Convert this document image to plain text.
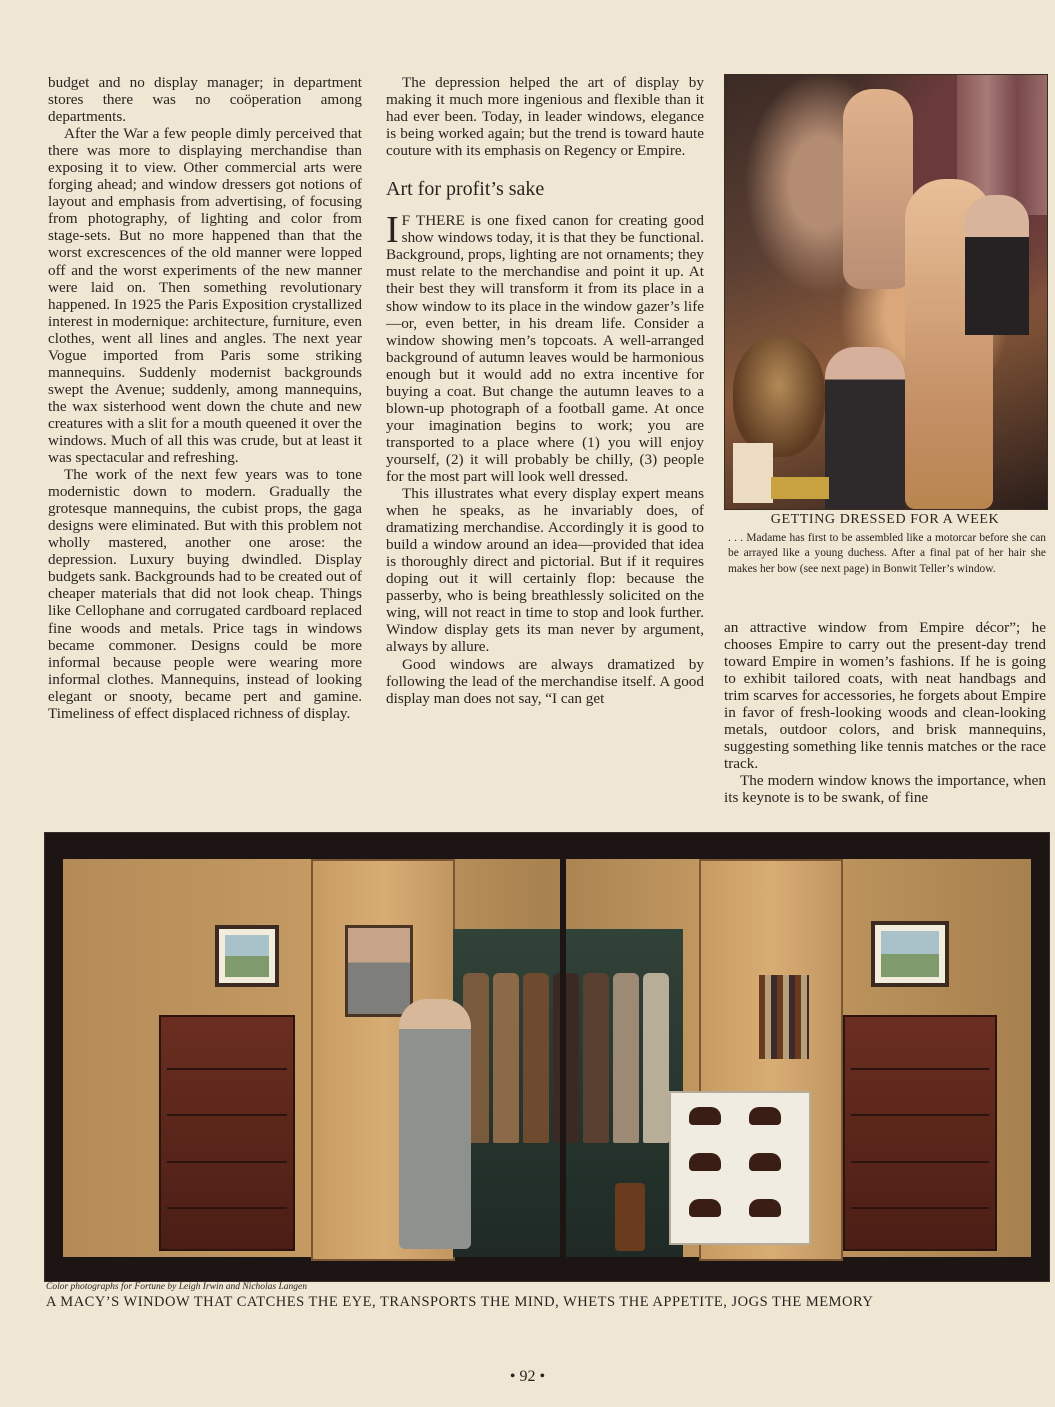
budget and no display manager; in department stores there was no coöperation among departments.

After the War a few people dimly perceived that there was more to displaying merchandise than exposing it to view. Other commercial arts were forging ahead; and window dressers got notions of layout and emphasis from advertising, of focusing from photography, of lighting and color from stage-sets. But no more happened than that the worst excrescences of the old manner were lopped off and the worst experiments of the new manner were laid on. Then something revolutionary happened. In 1925 the Paris Exposition crystallized interest in modernique: architecture, furniture, even clothes, went all lines and angles. The next year Vogue imported from Paris some striking mannequins. Suddenly modernist backgrounds swept the Avenue; suddenly, among mannequins, the wax sisterhood went down the chute and new creatures with a slit for a mouth queened it over the windows. Much of all this was crude, but at least it was spectacular and refreshing.

The work of the next few years was to tone modernistic down to modern. Gradually the grotesque mannequins, the cubist props, the gaga designs were eliminated. But with this problem not wholly mastered, another one arose: the depression. Luxury buying dwindled. Display budgets sank. Backgrounds had to be created out of cheaper materials that did not look cheap. Things like Cellophane and corrugated cardboard replaced fine woods and metals. Price tags in windows became commoner. Designs could be more informal because people were wearing more informal clothes. Mannequins, instead of looking elegant or snooty, became pert and gamine. Timeliness of effect displaced richness of display.

The depression helped the art of display by making it much more ingenious and flexible than it had ever been. Today, in leader windows, elegance is being worked again; but the trend is toward haute couture with its emphasis on Regency or Empire.

Art for profit’s sake

I F THERE is one fixed canon for creating good show windows today, it is that they be functional. Background, props, lighting are not ornaments; they must relate to the merchandise and point it up. At their best they will transform it from its place in a show window to its place in the window gazer’s life—or, even better, in his dream life. Consider a window showing men’s topcoats. A well-arranged background of autumn leaves would be harmonious enough but it would add no extra incentive for buying a coat. But change the autumn leaves to a blown-up photograph of a football game. At once your imagination begins to work; you are transported to a place where (1) you will enjoy yourself, (2) it will probably be chilly, (3) people for the most part will look well dressed.

This illustrates what every display expert means when he speaks, as he invariably does, of dramatizing merchandise. Accordingly it is good to build a window around an idea—provided that idea is thoroughly direct and pictorial. But if it requires doping out it will certainly flop: because the passerby, who is being breathlessly solicited on the wing, will not react in time to stop and look further. Window display gets its man never by argument, always by allure.

Good windows are always dramatized by following the lead of the merchandise itself. A good display man does not say, “I can get

GETTING DRESSED FOR A WEEK
. . . Madame has first to be assembled like a motorcar before she can be arrayed like a young duchess. After a final pat of her hair she makes her bow (see next page) in Bonwit Teller’s window.

an attractive window from Empire décor”; he chooses Empire to carry out the present-day trend toward Empire in women’s fashions. If he is going to exhibit tailored coats, with neat handbags and trim scarves for accessories, he forgets about Empire in favor of fresh-looking woods and clean-looking metals, outdoor colors, and brisk mannequins, suggesting something like tennis matches or the race track.

The modern window knows the importance, when its keynote is to be swank, of fine

Color photographs for Fortune by Leigh Irwin and Nicholas Langen
A MACY’S WINDOW THAT CATCHES THE EYE, TRANSPORTS THE MIND, WHETS THE APPETITE, JOGS THE MEMORY
• 92 •
